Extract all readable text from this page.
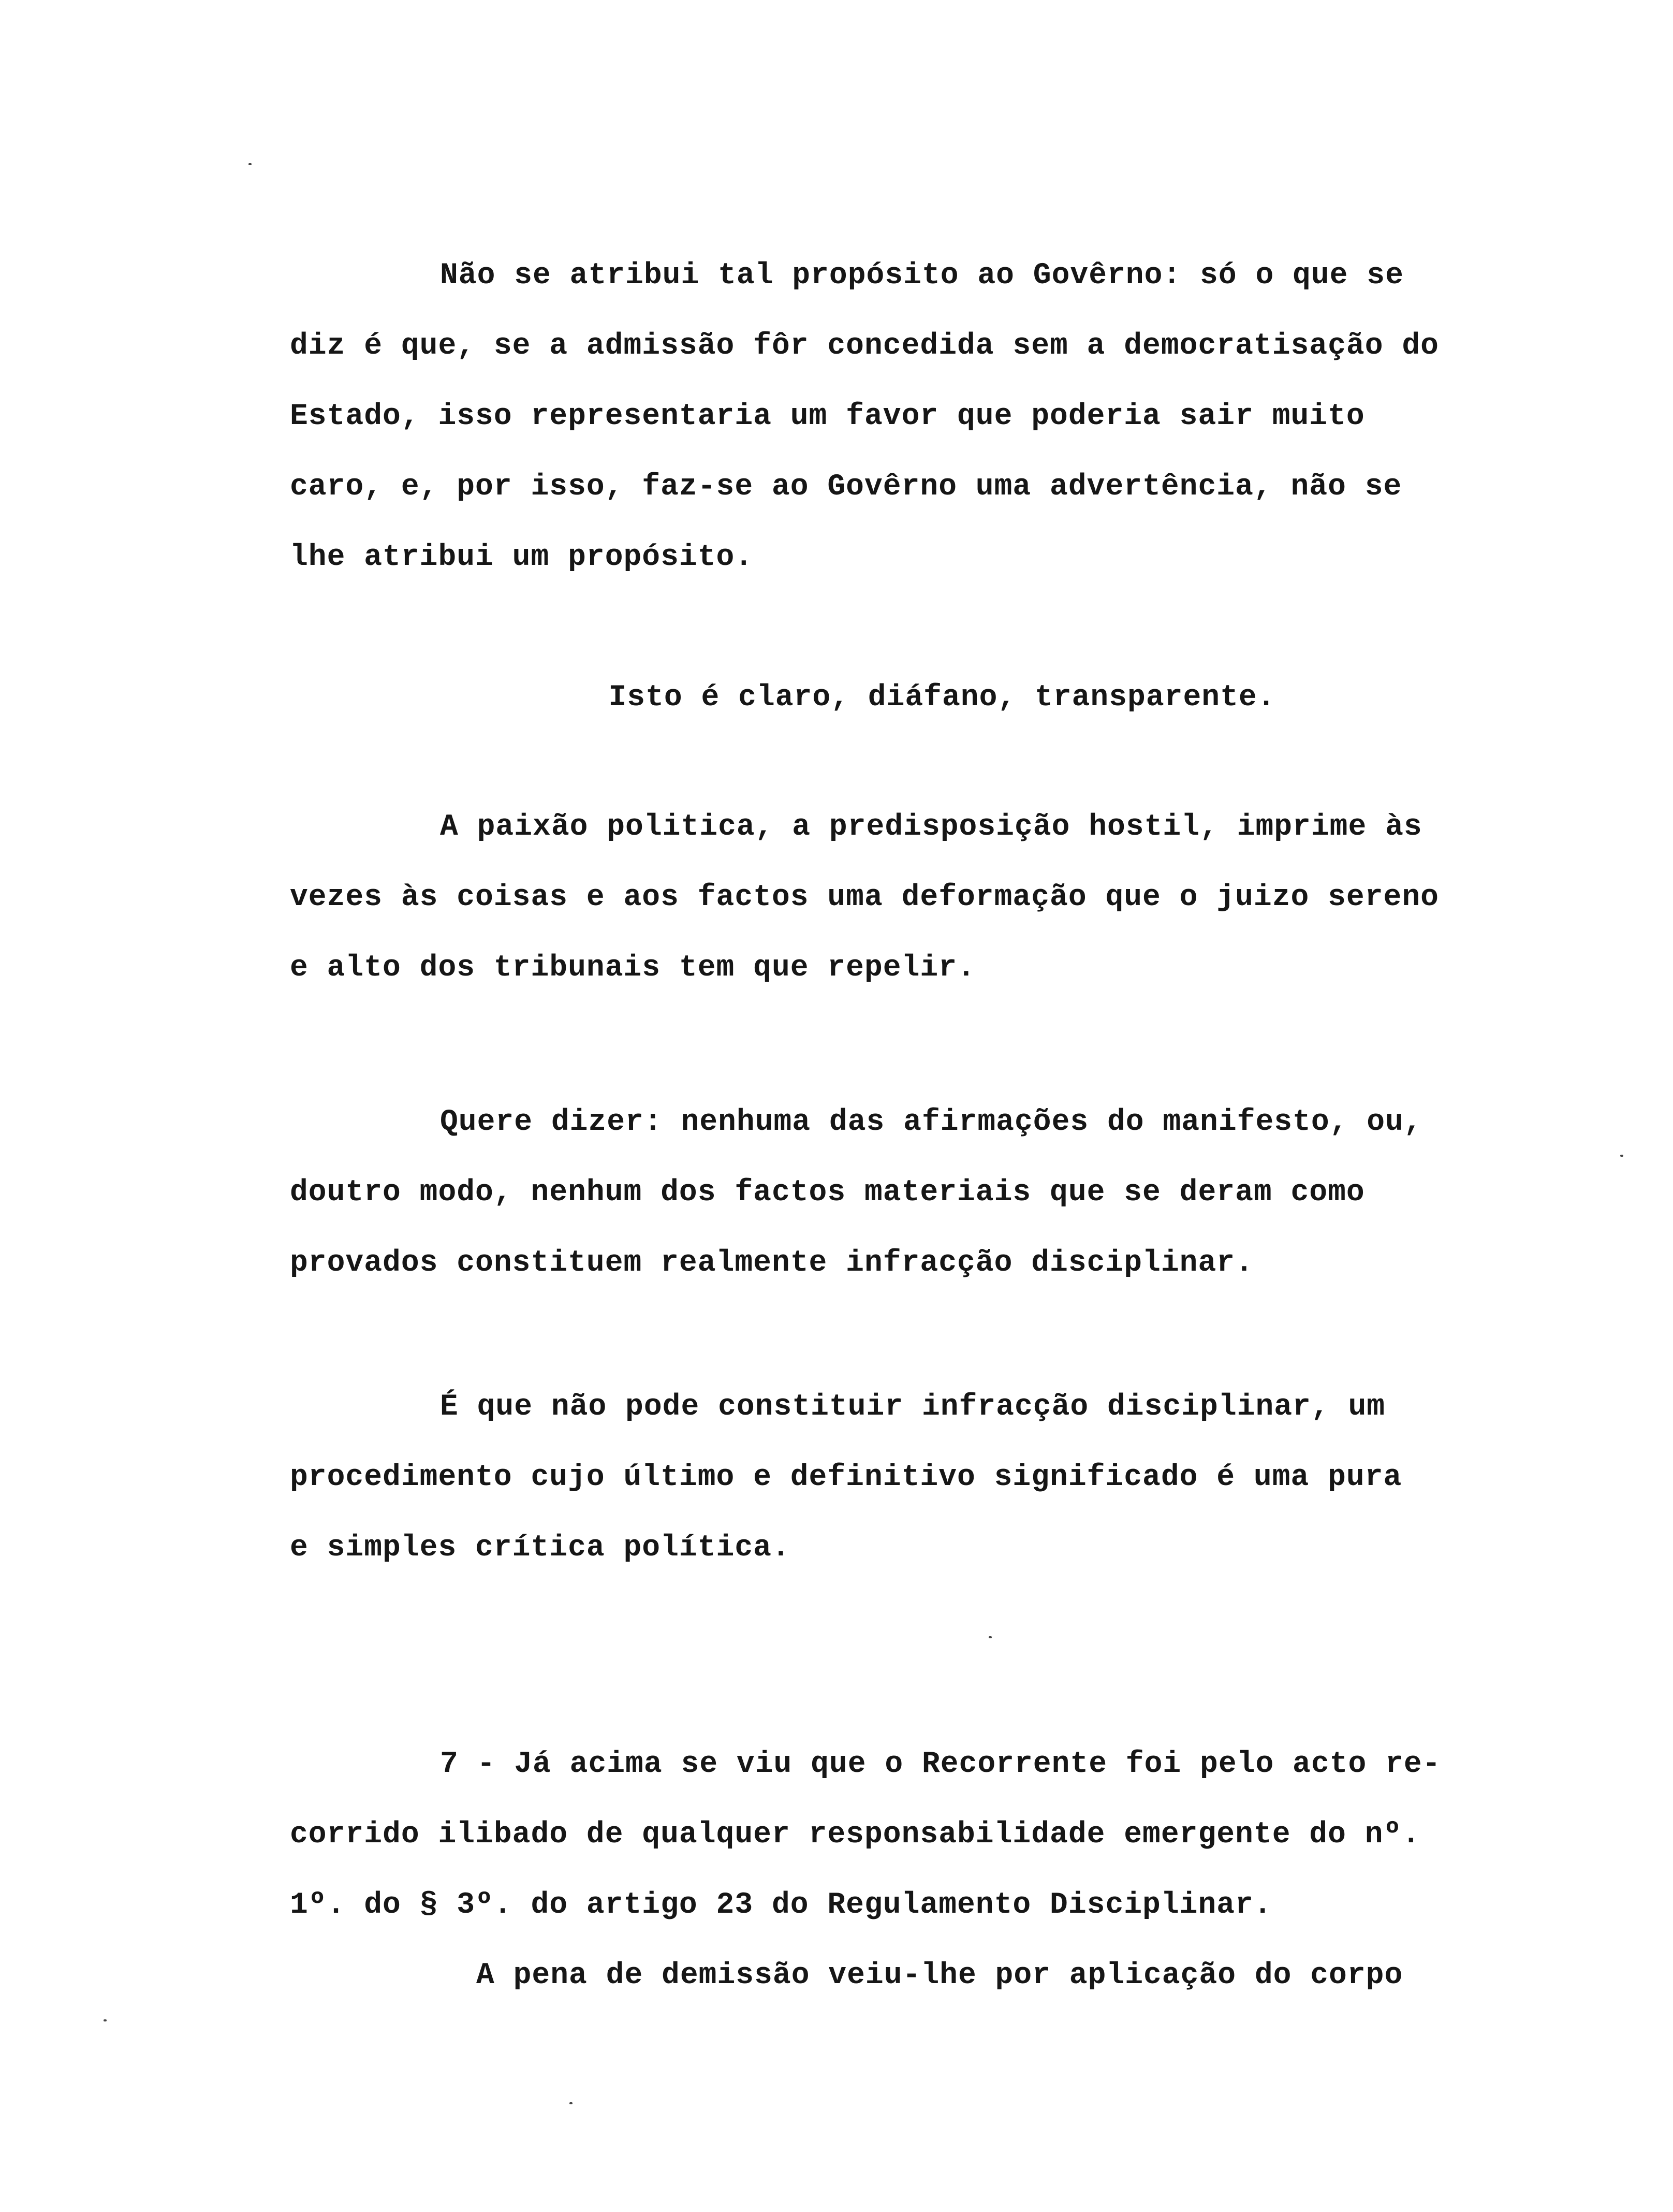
Não se atribui tal propósito ao Govêrno: só o que se
diz é que, se a admissão fôr concedida sem a democratisação do
Estado, isso representaria um favor que poderia sair muito
caro, e, por isso, faz-se ao Govêrno uma advertência, não se
lhe atribui um propósito.

Isto é claro, diáfano, transparente.

A paixão politica, a predisposição hostil, imprime às
vezes às coisas e aos factos uma deformação que o juizo sereno
e alto dos tribunais tem que repelir.

Quere dizer: nenhuma das afirmações do manifesto, ou,
doutro modo, nenhum dos factos materiais que se deram como
provados constituem realmente infracção disciplinar.

É que não pode constituir infracção disciplinar, um
procedimento cujo último e definitivo significado é uma pura
e simples crítica política.

7 - Já acima se viu que o Recorrente foi pelo acto re-
corrido ilibado de qualquer responsabilidade emergente do nº.
1º. do § 3º. do artigo 23 do Regulamento Disciplinar.
A pena de demissão veiu-lhe por aplicação do corpo
